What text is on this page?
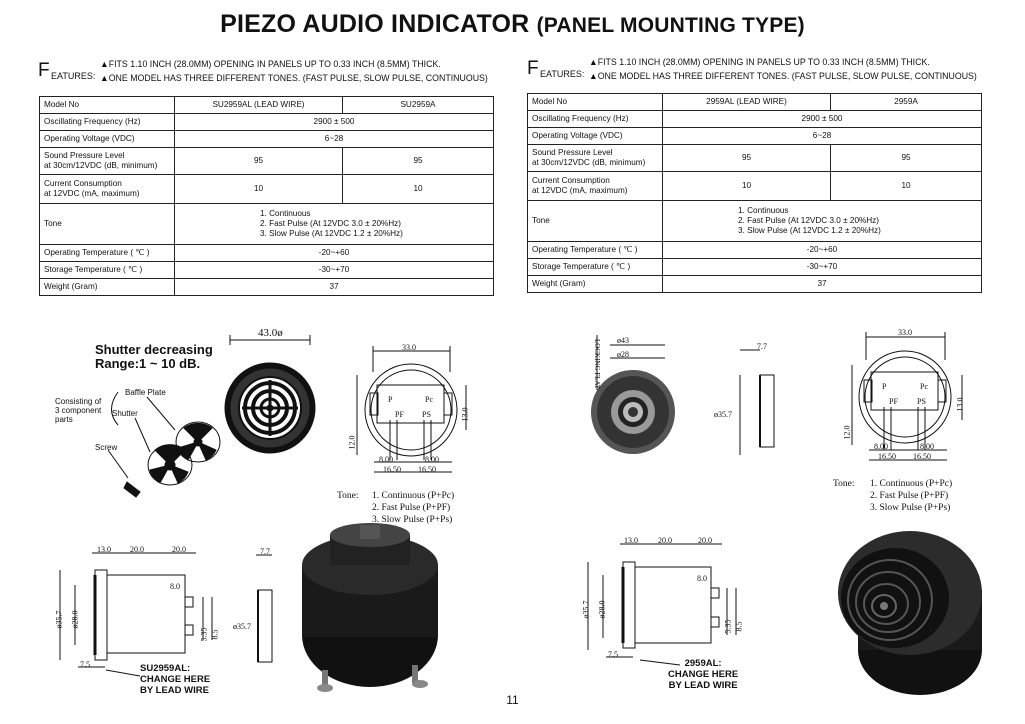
PIEZO AUDIO INDICATOR (PANEL MOUNTING TYPE)
F EATURES:
▲FITS 1.10 INCH (28.0MM) OPENING IN PANELS UP TO 0.33 INCH (8.5MM) THICK.
▲ONE MODEL HAS THREE DIFFERENT TONES. (FAST PULSE, SLOW PULSE, CONTINUOUS) F EATURES:
▲FITS 1.10 INCH (28.0MM) OPENING IN PANELS UP TO 0.33 INCH (8.5MM) THICK.
▲ONE MODEL HAS THREE DIFFERENT TONES. (FAST PULSE, SLOW PULSE, CONTINUOUS)
Model No	SU2959AL (LEAD WIRE)	SU2959A
Oscillating Frequency (Hz)	2900 ± 500	
Operating Voltage (VDC)	6~28	

Sound Pressure Level
at 30cm/12VDC (dB, minimum)	95	95

Current Consumption
at 12VDC (mA, maximum)	10	10
Tone	1. Continuous
2. Fast Pulse (At 12VDC 3.0 ± 20%Hz)
3. Slow Pulse (At 12VDC 1.2 ± 20%Hz)	

Operating Temperature ( ℃ )	-20~+60	
Storage Temperature ( ℃ )	-30~+70	
Weight (Gram)	37	
Model No	2959AL (LEAD WIRE)	2959A
Oscillating Frequency (Hz)	2900 ± 500	
Operating Voltage (VDC)	6~28	

Sound Pressure Level
at 30cm/12VDC (dB, minimum)	95	95

Current Consumption
at 12VDC (mA, maximum)	10	10
Tone	1. Continuous
2. Fast Pulse (At 12VDC 3.0 ± 20%Hz)
3. Slow Pulse (At 12VDC 1.2 ± 20%Hz)	

Operating Temperature ( ℃ )	-20~+60	
Storage Temperature ( ℃ )	-30~+70	
Weight (Gram)	37	
Shutter decreasing
Range:1 ~ 10 dB.
Consisting of
3 component
parts
Baffle Plate
Shutter
Screw
43.0ø
33.0
12.0
13.0
8.00	8.00
16.50 16.50
P	Pc
PF PS
Tone: 1. Continuous (P+Pc)
2. Fast Pulse (P+PF)
3. Slow Pulse (P+Ps)
13.0 20.0	20.0
8.0
ø35.7 ø28.0
5.35 8.5
7.5
7.7
ø35.7
SU2959AL:
CHANGE HERE
BY LEAD WIRE
ø43
ø28
LOCKING FLAT	7.7
ø35.7
33.0
12.0
13.0
8.00	8.00
16.50 16.50
P	Pc
PF PS
Tone: 1. Continuous (P+Pc)
2. Fast Pulse (P+PF)
3. Slow Pulse (P+Ps)
13.0	20.0	20.0
8.0
ø35.7 ø28.0
5.35 8.5
7.5
2959AL:
CHANGE HERE
BY LEAD WIRE
11
